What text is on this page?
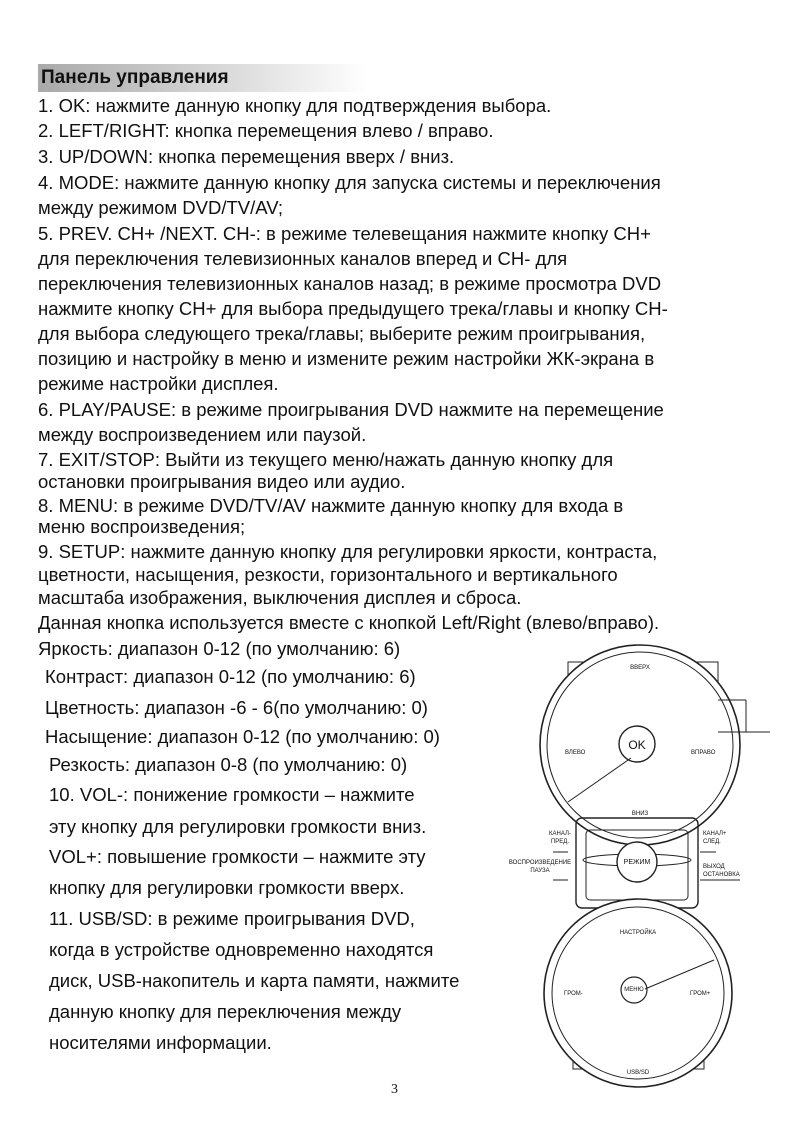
Панель управления
1. OK: нажмите данную кнопку для подтверждения выбора.
2. LEFT/RIGHT: кнопка перемещения влево / вправо.
3. UP/DOWN: кнопка перемещения вверх / вниз.
4. MODE: нажмите данную кнопку для запуска системы и переключения
между режимом DVD/TV/AV;
5. PREV. CH+ /NEXT. CH-: в режиме телевещания нажмите кнопку CH+
для переключения телевизионных каналов вперед и CH- для
переключения телевизионных каналов назад; в режиме просмотра DVD
нажмите кнопку CH+ для выбора предыдущего трека/главы и кнопку CH-
для выбора следующего трека/главы; выберите режим проигрывания,
позицию и настройку в меню и измените режим настройки ЖК-экрана в
режиме настройки дисплея.
6. PLAY/PAUSE: в режиме проигрывания DVD нажмите на перемещение
между воспроизведением или паузой.
7. EXIT/STOP: Выйти из текущего меню/нажать данную кнопку для
остановки проигрывания видео или аудио.
8. MENU: в режиме DVD/TV/AV нажмите данную кнопку для входа в
меню воспроизведения;
9. SETUP: нажмите данную кнопку для регулировки яркости, контраста,
цветности, насыщения, резкости, горизонтального и вертикального
масштаба изображения, выключения дисплея и сброса.
Данная кнопка используется вместе с кнопкой Left/Right (влево/вправо).
Яркость: диапазон 0-12 (по умолчанию: 6)
Контраст: диапазон 0-12 (по умолчанию: 6)
Цветность: диапазон -6 - 6(по умолчанию: 0)
Насыщение: диапазон 0-12 (по умолчанию: 0)
Резкость: диапазон 0-8 (по умолчанию: 0)
10. VOL-: понижение громкости – нажмите
эту кнопку для регулировки громкости вниз.
VOL+: повышение громкости – нажмите эту
кнопку для регулировки громкости вверх.
11. USB/SD: в режиме проигрывания DVD,
когда в устройстве одновременно находятся
диск, USB-накопитель и карта памяти, нажмите
данную кнопку для переключения между
носителями информации.
ВВЕРХ
ВНИЗ
ВЛЕВО	ВПРАВО
OK
КАНАЛ-
ПРЕД.
ВОСПРОИЗВЕДЕНИЕ
ПАУЗА
КАНАЛ+
СЛЕД.
ВЫХОД
ОСТАНОВКА
РЕЖИМ
НАСТРОЙКА
ГРОМ-	ГРОМ+
МЕНЮ
USB/SD
3
